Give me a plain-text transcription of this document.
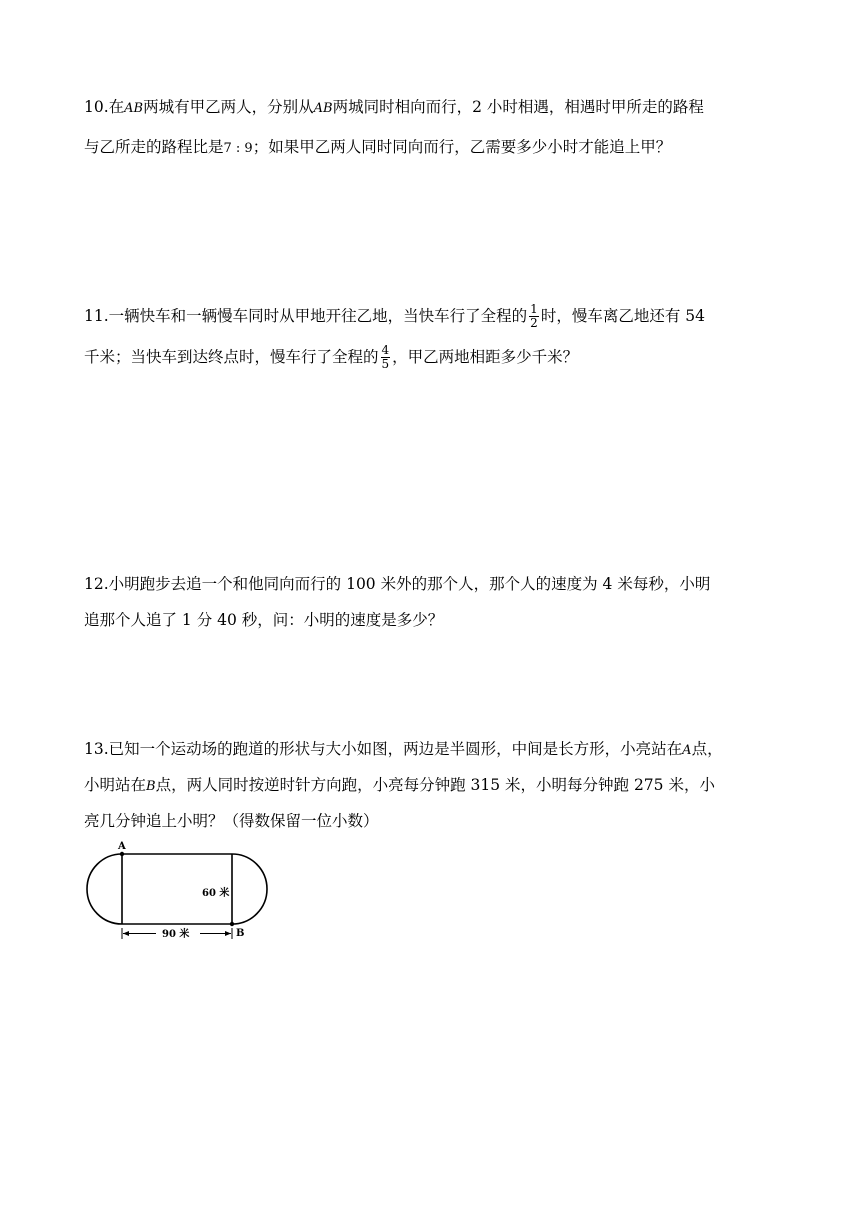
10.在AB两城有甲乙两人，分别从AB两城同时相向而行，2 小时相遇，相遇时甲所走的路程
与乙所走的路程比是7 : 9；如果甲乙两人同时同向而行，乙需要多少小时才能追上甲？
11.一辆快车和一辆慢车同时从甲地开往乙地，当快车行了全程的 $\frac{1}{2}$ 时，慢车离乙地还有 54
千米；当快车到达终点时，慢车行了全程的 $\frac{4}{5}$ ，甲乙两地相距多少千米？
12.小明跑步去追一个和他同向而行的 100 米外的那个人，那个人的速度为 4 米每秒，小明
追那个人追了 1 分 40 秒，问：小明的速度是多少？
13.已知一个运动场的跑道的形状与大小如图，两边是半圆形，中间是长方形，小亮站在A点，
小明站在B点，两人同时按逆时针方向跑，小亮每分钟跑 315 米，小明每分钟跑 275 米，小
亮几分钟追上小明？（得数保留一位小数）
A
B
60 米
90 米
